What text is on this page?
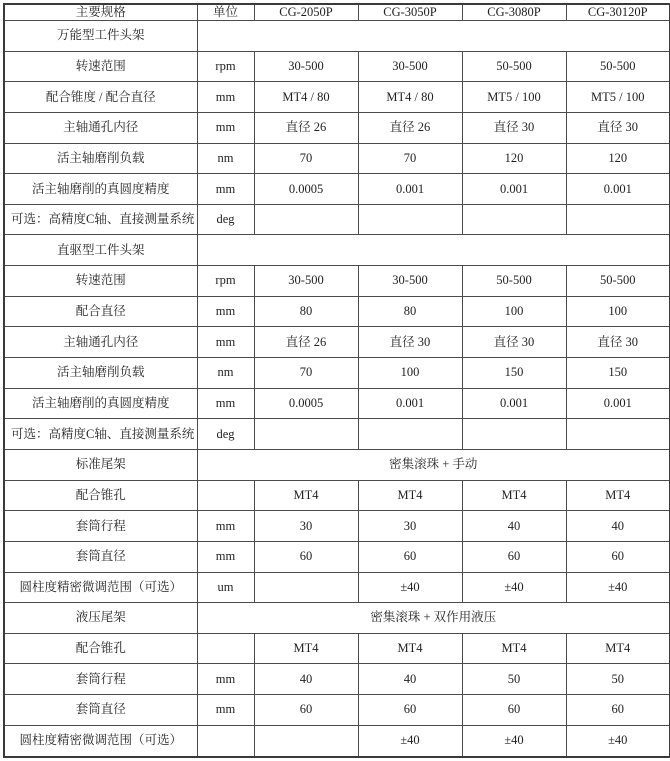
主要规格	单位	CG-2050P	CG-3050P	CG-3080P	CG-30120P
万能型工件头架					
转速范围	rpm	30-500	30-500	50-500	50-500
配合锥度 / 配合直径	mm	MT4 / 80	MT4 / 80	MT5 / 100	MT5 / 100
主轴通孔内径	mm	直径 26	直径 26	直径 30	直径 30
活主轴磨削负载	nm	70	70	120	120
活主轴磨削的真圆度精度	mm	0.0005	0.001	0.001	0.001
可选：高精度C轴、直接测量系统	deg				
直驱型工件头架					
转速范围	rpm	30-500	30-500	50-500	50-500
配合直径	mm	80	80	100	100
主轴通孔内径	mm	直径 26	直径 30	直径 30	直径 30
活主轴磨削负载	nm	70	100	150	150
活主轴磨削的真圆度精度	mm	0.0005	0.001	0.001	0.001
可选：高精度C轴、直接测量系统	deg				
标准尾架	密集滚珠 + 手动				
配合锥孔		MT4	MT4	MT4	MT4
套筒行程	mm	30	30	40	40
套筒直径	mm	60	60	60	60
圆柱度精密微调范围（可选）	um		±40	±40	±40
液压尾架	密集滚珠 + 双作用液压				
配合锥孔		MT4	MT4	MT4	MT4
套筒行程	mm	40	40	50	50
套筒直径	mm	60	60	60	60
圆柱度精密微调范围（可选）			±40	±40	±40
